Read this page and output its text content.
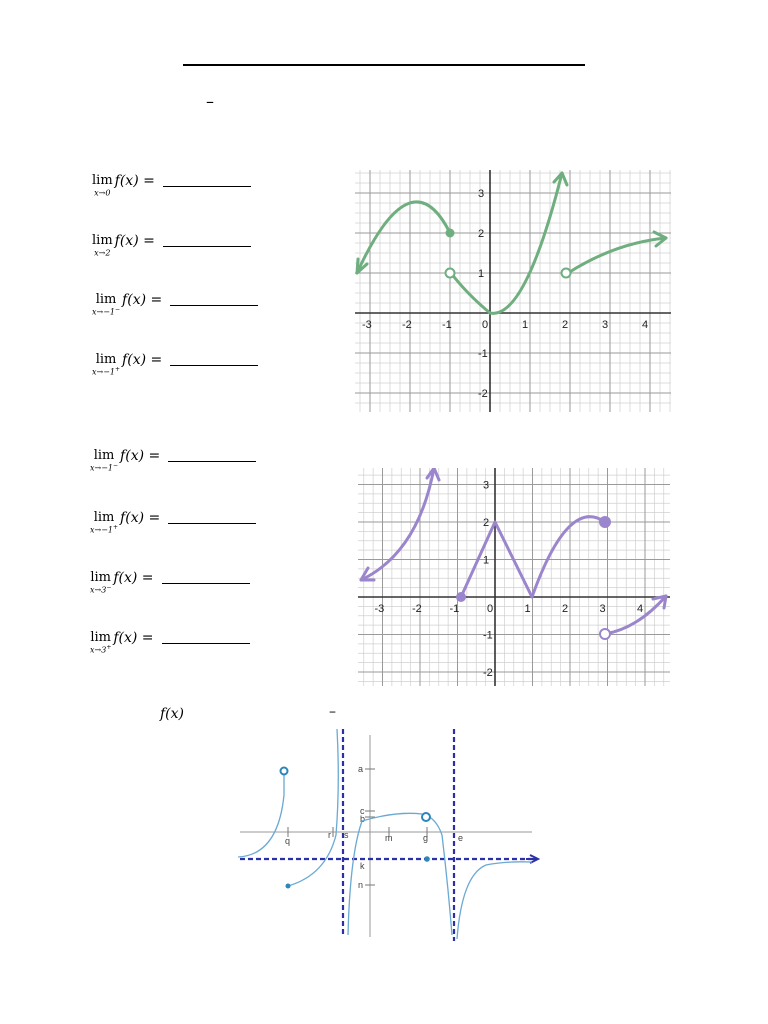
–
lim
x→0
f(x) =
lim
x→2
f(x) =
lim
x→−1−
f(x) =
lim
x→−1+
f(x) =
-3	-2	-1	0	1	2	3	4
3
2
1
-1
-2
lim
x→−1−
f(x) =
lim
x→−1+
f(x) =
lim
x→3−
f(x) =
lim
x→3+
f(x) =
-3	-2	-1	0	1	2	3	4
3
2
1
-1
-2
f(x)	–
q
r s	m	g	e
a
c
b
k
n
